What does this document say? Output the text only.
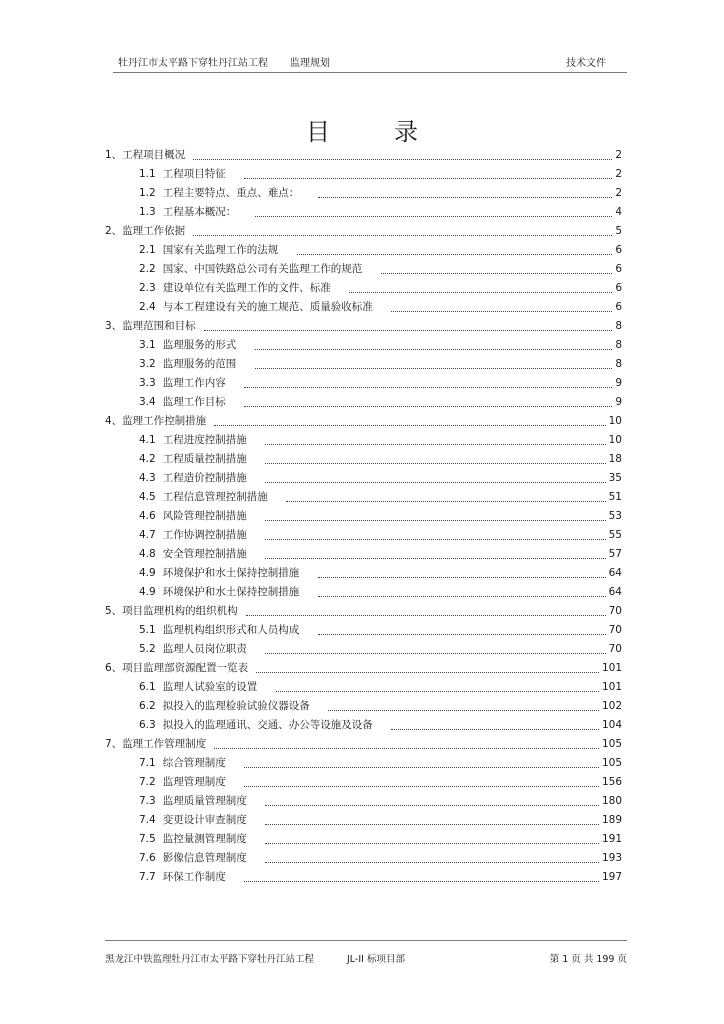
牡丹江市太平路下穿牡丹江站工程 监理规划	技术文件
目录
1、工程项目概况	2
1.1 工程项目特征	2
1.2 工程主要特点、重点、难点：	2
1.3 工程基本概况：	4
2、监理工作依据	5
2.1 国家有关监理工作的法规	6
2.2 国家、中国铁路总公司有关监理工作的规范	6
2.3 建设单位有关监理工作的文件、标准	6
2.4 与本工程建设有关的施工规范、质量验收标准	6
3、监理范围和目标	8
3.1 监理服务的形式	8
3.2 监理服务的范围	8
3.3 监理工作内容	9
3.4 监理工作目标	9
4、监理工作控制措施	10
4.1 工程进度控制措施	10
4.2 工程质量控制措施	18
4.3 工程造价控制措施	35
4.5 工程信息管理控制措施	51
4.6 风险管理控制措施	53
4.7 工作协调控制措施	55
4.8 安全管理控制措施	57
4.9 环境保护和水土保持控制措施	64
4.9 环境保护和水土保持控制措施	64
5、项目监理机构的组织机构	70
5.1 监理机构组织形式和人员构成	70
5.2 监理人员岗位职责	70
6、项目监理部资源配置一览表	101
6.1 监理人试验室的设置	101
6.2 拟投入的监理检验试验仪器设备	102
6.3 拟投入的监理通讯、交通、办公等设施及设备	104
7、监理工作管理制度	105
7.1 综合管理制度	105
7.2 监理管理制度	156
7.3 监理质量管理制度	180
7.4 变更设计审查制度	189
7.5 监控量测管理制度	191
7.6 影像信息管理制度	193
7.7 环保工作制度	197
黑龙江中铁监理牡丹江市太平路下穿牡丹江站工程	JL-II 标项目部	第 1 页 共 199 页
